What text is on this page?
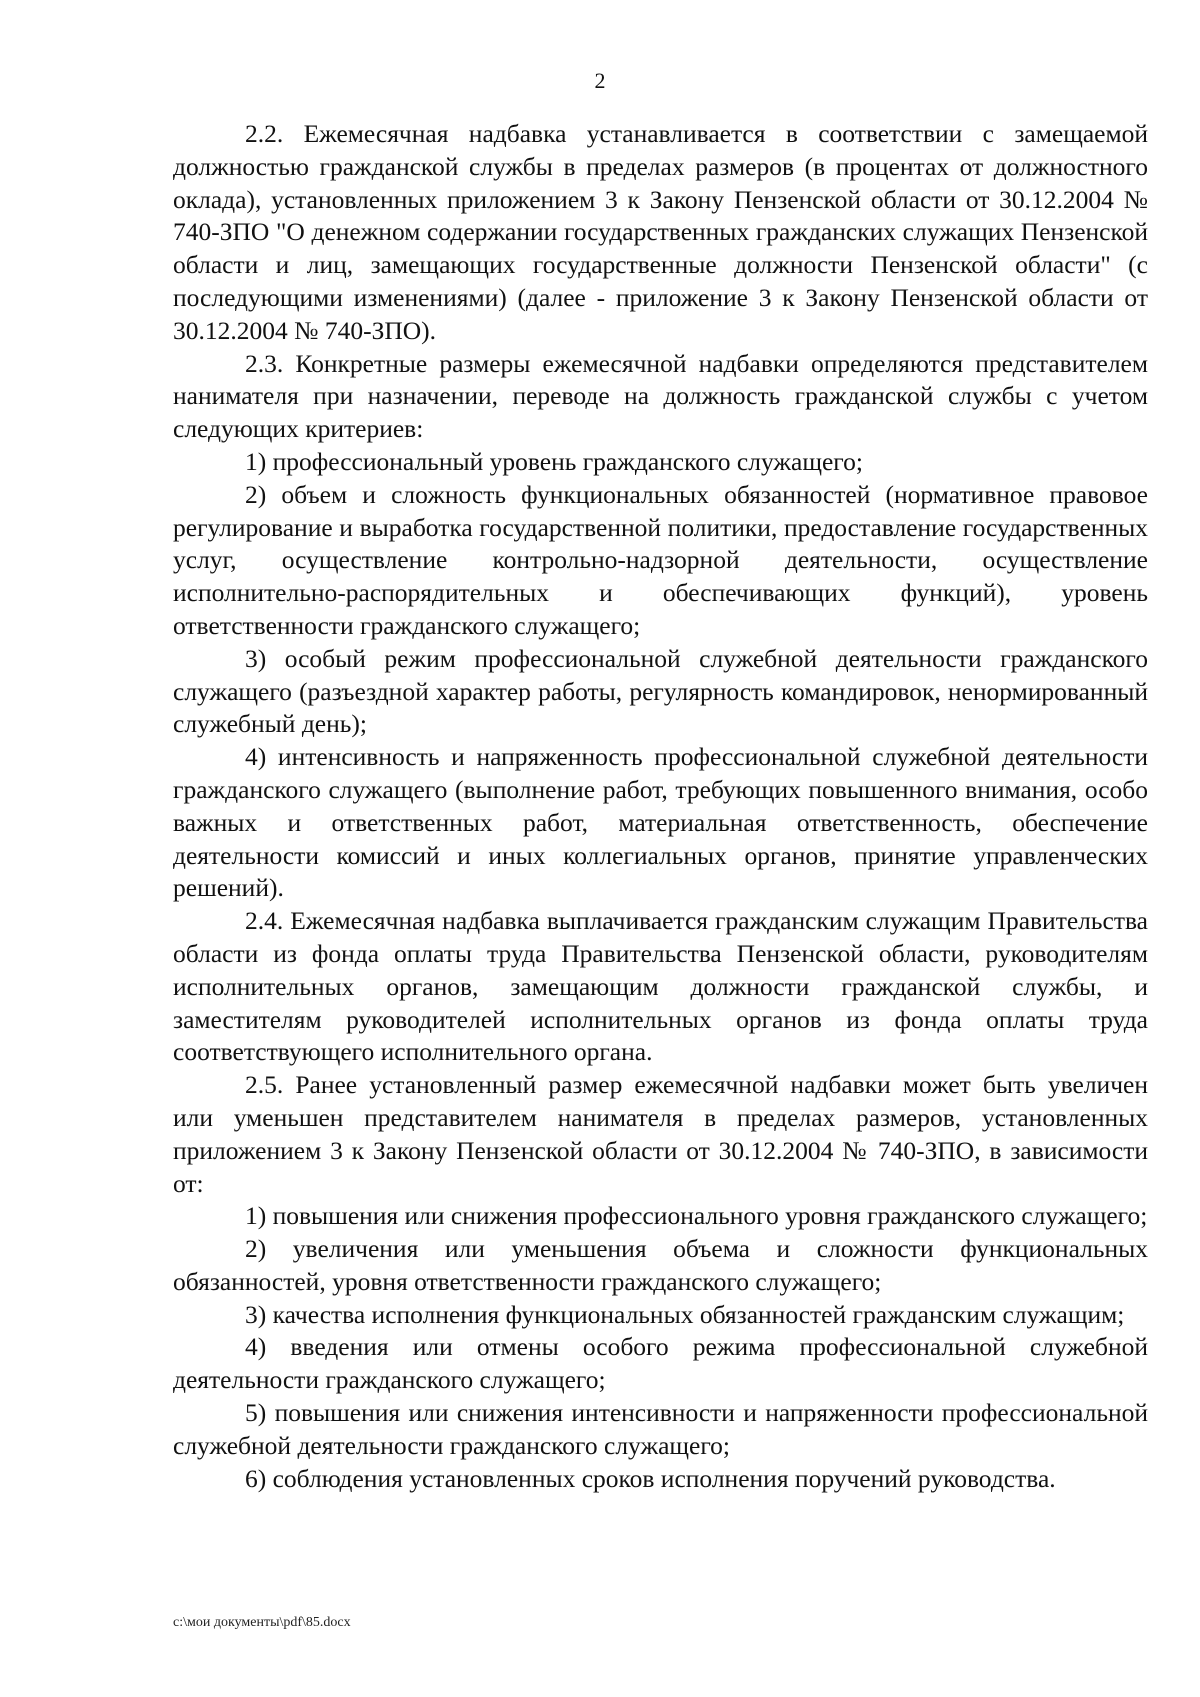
2

2.2. Ежемесячная надбавка устанавливается в соответствии с замещаемой должностью гражданской службы в пределах размеров (в процентах от должностного оклада), установленных приложением 3 к Закону Пензенской области от 30.12.2004 № 740-ЗПО "О денежном содержании государственных гражданских служащих Пензенской области и лиц, замещающих государственные должности Пензенской области" (с последующими изменениями) (далее - приложение 3 к Закону Пензенской области от 30.12.2004 № 740-ЗПО).

2.3. Конкретные размеры ежемесячной надбавки определяются представителем нанимателя при назначении, переводе на должность гражданской службы с учетом следующих критериев:

1) профессиональный уровень гражданского служащего;

2) объем и сложность функциональных обязанностей (нормативное правовое регулирование и выработка государственной политики, предоставление государственных услуг, осуществление контрольно-надзорной деятельности, осуществление исполнительно-распорядительных и обеспечивающих функций), уровень ответственности гражданского служащего;

3) особый режим профессиональной служебной деятельности гражданского служащего (разъездной характер работы, регулярность командировок, ненормированный служебный день);

4) интенсивность и напряженность профессиональной служебной деятельности гражданского служащего (выполнение работ, требующих повышенного внимания, особо важных и ответственных работ, материальная ответственность, обеспечение деятельности комиссий и иных коллегиальных органов, принятие управленческих решений).

2.4. Ежемесячная надбавка выплачивается гражданским служащим Правительства области из фонда оплаты труда Правительства Пензенской области, руководителям исполнительных органов, замещающим должности гражданской службы, и заместителям руководителей исполнительных органов из фонда оплаты труда соответствующего исполнительного органа.

2.5. Ранее установленный размер ежемесячной надбавки может быть увеличен или уменьшен представителем нанимателя в пределах размеров, установленных приложением 3 к Закону Пензенской области от 30.12.2004 № 740-ЗПО, в зависимости от:

1) повышения или снижения профессионального уровня гражданского служащего;

2) увеличения или уменьшения объема и сложности функциональных обязанностей, уровня ответственности гражданского служащего;

3) качества исполнения функциональных обязанностей гражданским служащим;

4) введения или отмены особого режима профессиональной служебной деятельности гражданского служащего;

5) повышения или снижения интенсивности и напряженности профессиональной служебной деятельности гражданского служащего;

6) соблюдения установленных сроков исполнения поручений руководства.

c:\мои документы\pdf\85.docx
